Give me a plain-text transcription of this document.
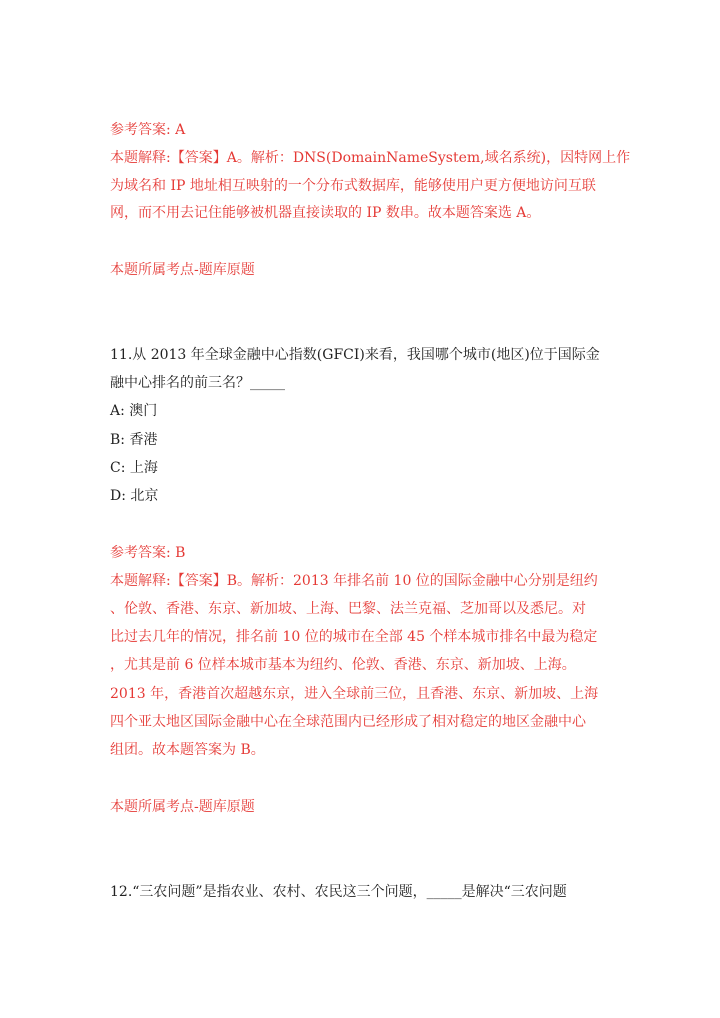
参考答案: A
本题解释:【答案】A。解析：DNS(DomainNameSystem,域名系统)，因特网上作
为域名和 IP 地址相互映射的一个分布式数据库，能够使用户更方便地访问互联
网，而不用去记住能够被机器直接读取的 IP 数串。故本题答案选 A。
本题所属考点-题库原题
11.从 2013 年全球金融中心指数(GFCI)来看，我国哪个城市(地区)位于国际金
融中心排名的前三名？_____
A: 澳门
B: 香港
C: 上海
D: 北京
参考答案: B
本题解释:【答案】B。解析：2013 年排名前 10 位的国际金融中心分别是纽约
、伦敦、香港、东京、新加坡、上海、巴黎、法兰克福、芝加哥以及悉尼。对
比过去几年的情况，排名前 10 位的城市在全部 45 个样本城市排名中最为稳定
，尤其是前 6 位样本城市基本为纽约、伦敦、香港、东京、新加坡、上海。
2013 年，香港首次超越东京，进入全球前三位，且香港、东京、新加坡、上海
四个亚太地区国际金融中心在全球范围内已经形成了相对稳定的地区金融中心
组团。故本题答案为 B。
本题所属考点-题库原题
12.“三农问题”是指农业、农村、农民这三个问题，_____是解决“三农问题
